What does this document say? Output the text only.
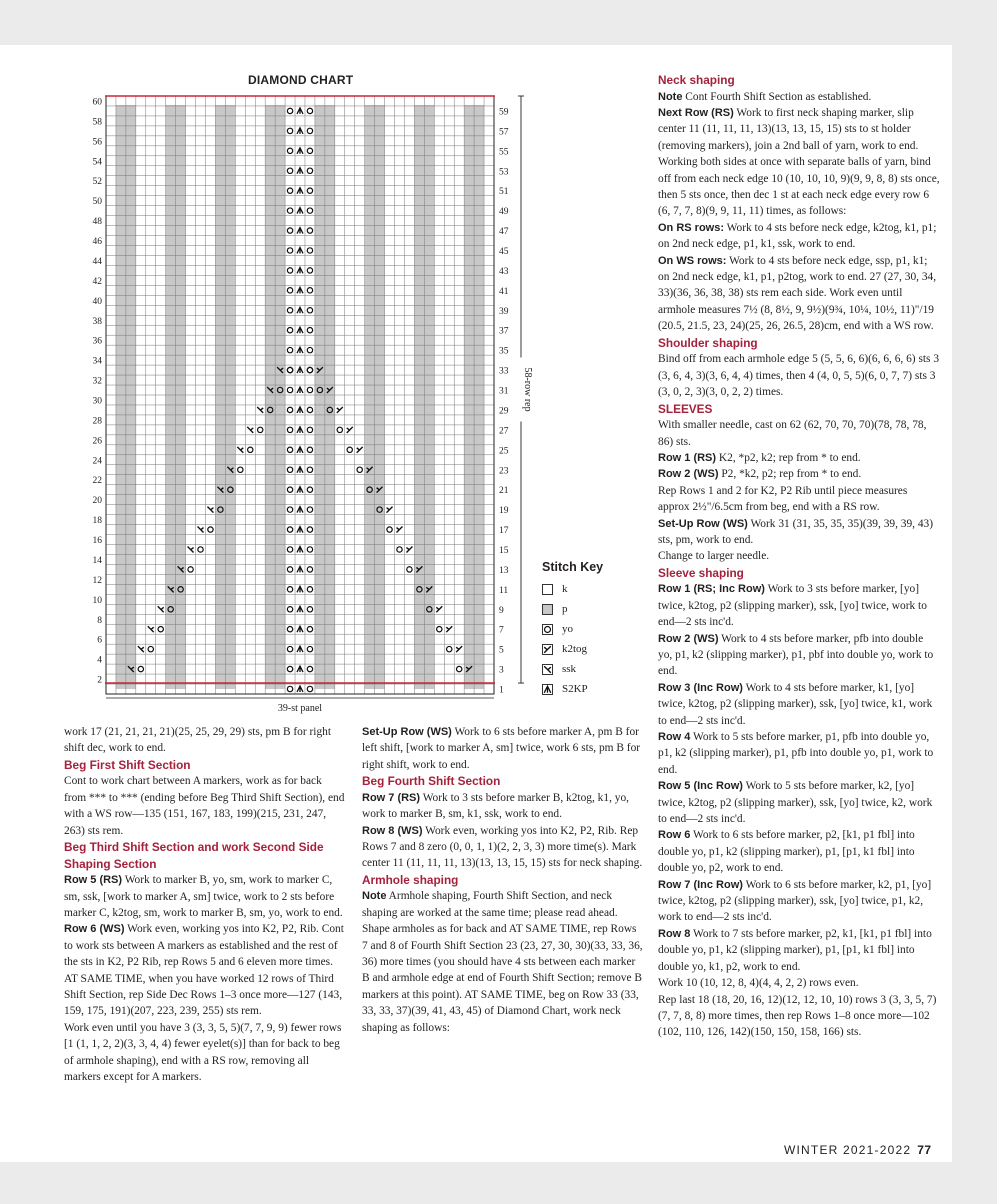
DIAMOND CHART
60
58
56
54
52
50
48
46
44
42
40
38
36
34
32
30
28
26
24
22
20
18
16
14
12
10
8
6
4
2
59
57
55
53
51
49
47
45
43
41
39
37
35
33
31
29
27
25
23
21
19
17
15
13
11
9
7
5
3
1
58-row rep
39-st panel
Stitch Key
k
p
yo
k2tog
ssk
S2KP

work 17 (21, 21, 21, 21)(25, 25, 29, 29) sts, pm B for right shift dec, work to end.

Beg First Shift Section

Cont to work chart between A markers, work as for back from *** to *** (ending before Beg Third Shift Section), end with a WS row—135 (151, 167, 183, 199)(215, 231, 247, 263) sts rem.

Beg Third Shift Section and work Second Side Shaping Section

Row 5 (RS) Work to marker B, yo, sm, work to marker C, sm, ssk, [work to marker A, sm] twice, work to 2 sts before marker C, k2tog, sm, work to marker B, sm, yo, work to end.

Row 6 (WS) Work even, working yos into K2, P2, Rib. Cont to work sts between A markers as established and the rest of the sts in K2, P2 Rib, rep Rows 5 and 6 eleven more times. AT SAME TIME, when you have worked 12 rows of Third Shift Section, rep Side Dec Rows 1–3 once more—127 (143, 159, 175, 191)(207, 223, 239, 255) sts rem.

Work even until you have 3 (3, 3, 5, 5)(7, 7, 9, 9) fewer rows [1 (1, 1, 2, 2)(3, 3, 4, 4) fewer eyelet(s)] than for back to beg of armhole shaping), end with a RS row, removing all markers except for A markers.

Set-Up Row (WS) Work to 6 sts before marker A, pm B for left shift, [work to marker A, sm] twice, work 6 sts, pm B for right shift, work to end.

Beg Fourth Shift Section

Row 7 (RS) Work to 3 sts before marker B, k2tog, k1, yo, work to marker B, sm, k1, ssk, work to end.

Row 8 (WS) Work even, working yos into K2, P2, Rib. Rep Rows 7 and 8 zero (0, 0, 1, 1)(2, 2, 3, 3) more time(s). Mark center 11 (11, 11, 11, 13)(13, 13, 15, 15) sts for neck shaping.

Armhole shaping

Note Armhole shaping, Fourth Shift Section, and neck shaping are worked at the same time; please read ahead.

Shape armholes as for back and AT SAME TIME, rep Rows 7 and 8 of Fourth Shift Section 23 (23, 27, 30, 30)(33, 33, 36, 36) more times (you should have 4 sts between each marker B and armhole edge at end of Fourth Shift Section; remove B markers at this point). AT SAME TIME, beg on Row 33 (33, 33, 33, 37)(39, 41, 43, 45) of Diamond Chart, work neck shaping as follows:

Neck shaping

Note Cont Fourth Shift Section as established.

Next Row (RS) Work to first neck shaping marker, slip center 11 (11, 11, 11, 13)(13, 13, 15, 15) sts to st holder (removing markers), join a 2nd ball of yarn, work to end.

Working both sides at once with separate balls of yarn, bind off from each neck edge 10 (10, 10, 10, 9)(9, 9, 8, 8) sts once, then 5 sts once, then dec 1 st at each neck edge every row 6 (6, 7, 7, 8)(9, 9, 11, 11) times, as follows:

On RS rows: Work to 4 sts before neck edge, k2tog, k1, p1; on 2nd neck edge, p1, k1, ssk, work to end.

On WS rows: Work to 4 sts before neck edge, ssp, p1, k1; on 2nd neck edge, k1, p1, p2tog, work to end. 27 (27, 30, 34, 33)(36, 36, 38, 38) sts rem each side. Work even until armhole measures 7½ (8, 8½, 9, 9½)(9¾, 10¼, 10½, 11)"/19 (20.5, 21.5, 23, 24)(25, 26, 26.5, 28)cm, end with a WS row.

Shoulder shaping

Bind off from each armhole edge 5 (5, 5, 6, 6)(6, 6, 6, 6) sts 3 (3, 6, 4, 3)(3, 6, 4, 4) times, then 4 (4, 0, 5, 5)(6, 0, 7, 7) sts 3 (3, 0, 2, 3)(3, 0, 2, 2) times.

SLEEVES

With smaller needle, cast on 62 (62, 70, 70, 70)(78, 78, 78, 86) sts.

Row 1 (RS) K2, *p2, k2; rep from * to end.

Row 2 (WS) P2, *k2, p2; rep from * to end.

Rep Rows 1 and 2 for K2, P2 Rib until piece measures approx 2½"/6.5cm from beg, end with a RS row.

Set-Up Row (WS) Work 31 (31, 35, 35, 35)(39, 39, 39, 43) sts, pm, work to end.

Change to larger needle.

Sleeve shaping

Row 1 (RS; Inc Row) Work to 3 sts before marker, [yo] twice, k2tog, p2 (slipping marker), ssk, [yo] twice, work to end—2 sts inc'd.

Row 2 (WS) Work to 4 sts before marker, pfb into double yo, p1, k2 (slipping marker), p1, pbf into double yo, work to end.

Row 3 (Inc Row) Work to 4 sts before marker, k1, [yo] twice, k2tog, p2 (slipping marker), ssk, [yo] twice, k1, work to end—2 sts inc'd.

Row 4 Work to 5 sts before marker, p1, pfb into double yo, p1, k2 (slipping marker), p1, pfb into double yo, p1, work to end.

Row 5 (Inc Row) Work to 5 sts before marker, k2, [yo] twice, k2tog, p2 (slipping marker), ssk, [yo] twice, k2, work to end—2 sts inc'd.

Row 6 Work to 6 sts before marker, p2, [k1, p1 fbl] into double yo, p1, k2 (slipping marker), p1, [p1, k1 fbl] into double yo, p2, work to end.

Row 7 (Inc Row) Work to 6 sts before marker, k2, p1, [yo] twice, k2tog, p2 (slipping marker), ssk, [yo] twice, p1, k2, work to end—2 sts inc'd.

Row 8 Work to 7 sts before marker, p2, k1, [k1, p1 fbl] into double yo, p1, k2 (slipping marker), p1, [p1, k1 fbl] into double yo, k1, p2, work to end.

Work 10 (10, 12, 8, 4)(4, 4, 2, 2) rows even.

Rep last 18 (18, 20, 16, 12)(12, 12, 10, 10) rows 3 (3, 3, 5, 7)(7, 7, 8, 8) more times, then rep Rows 1–8 once more—102 (102, 110, 126, 142)(150, 150, 158, 166) sts.

WINTER 2021-2022 77
